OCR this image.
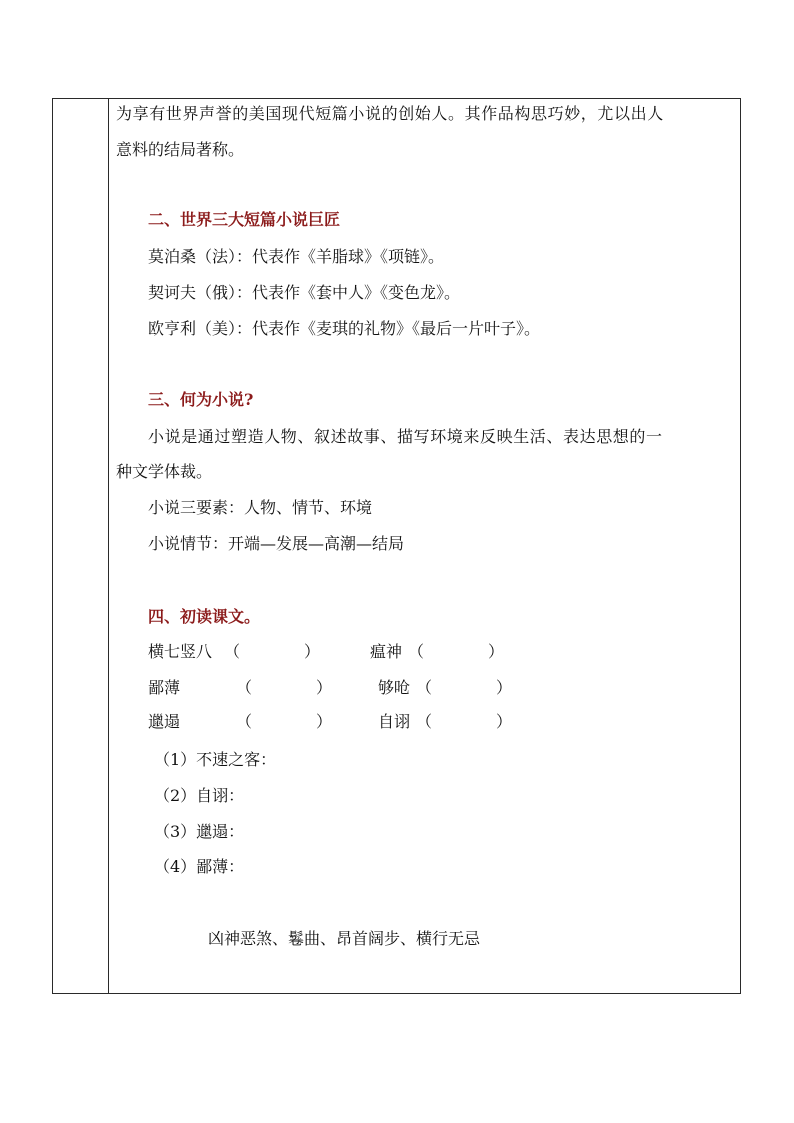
为享有世界声誉的美国现代短篇小说的创始人。其作品构思巧妙，尤以出人
意料的结局著称。
二、世界三大短篇小说巨匠
莫泊桑（法）：代表作《羊脂球》《项链》。
契诃夫（俄）：代表作《套中人》《变色龙》。
欧亨利（美）：代表作《麦琪的礼物》《最后一片叶子》。
三、何为小说?
小说是通过塑造人物、叙述故事、描写环境来反映生活、表达思想的一
种文学体裁。
小说三要素：人物、情节、环境
小说情节：开端—发展—高潮—结局
四、初读课文。
横七竖八 （　　　　）	瘟神 （　　　　）
鄙薄	（　　　　）	够呛 （　　　　）
邋遢	（　　　　）	自诩 （　　　　）
（1）不速之客：
（2）自诩：
（3）邋遢：
（4）鄙薄：
凶神恶煞、鬈曲、昂首阔步、横行无忌
